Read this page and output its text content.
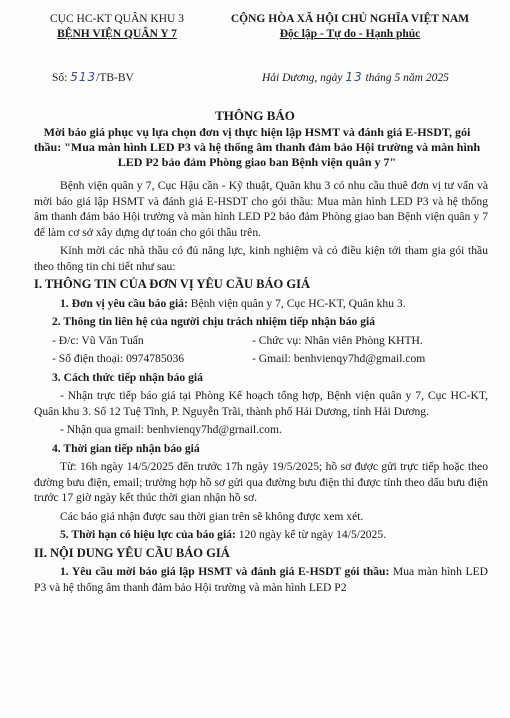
CỤC HC-KT QUÂN KHU 3
BỆNH VIỆN QUÂN Y 7
CỘNG HÒA XÃ HỘI CHỦ NGHĨA VIỆT NAM
Độc lập - Tự do - Hạnh phúc
Số: 513/TB-BV	Hải Dương, ngày 13 tháng 5 năm 2025
THÔNG BÁO
Mời báo giá phục vụ lựa chọn đơn vị thực hiện lập HSMT và đánh giá E-HSDT, gói thầu: "Mua màn hình LED P3 và hệ thống âm thanh đảm bảo Hội trường và màn hình LED P2 bảo đảm Phòng giao ban Bệnh viện quân y 7"

Bệnh viện quân y 7, Cục Hậu cần - Kỹ thuật, Quân khu 3 có nhu cầu thuê đơn vị tư vấn và mời báo giá lập HSMT và đánh giá E-HSDT cho gói thầu: Mua màn hình LED P3 và hệ thống âm thanh đảm bảo Hội trường và màn hình LED P2 bảo đảm Phòng giao ban Bệnh viện quân y 7 để làm cơ sở xây dựng dự toán cho gói thầu trên.

Kính mời các nhà thầu có đủ năng lực, kinh nghiệm và có điều kiện tới tham gia gói thầu theo thông tin chi tiết như sau:

I. THÔNG TIN CỦA ĐƠN VỊ YÊU CẦU BÁO GIÁ

1. Đơn vị yêu cầu báo giá: Bệnh viện quân y 7, Cục HC-KT, Quân khu 3.

2. Thông tin liên hệ của người chịu trách nhiệm tiếp nhận báo giá
- Đ/c: Vũ Văn Tuấn	- Chức vụ: Nhân viên Phòng KHTH.
- Số điện thoại: 0974785036	- Gmail: benhvienqy7hd@gmail.com
3. Cách thức tiếp nhận báo giá

- Nhận trực tiếp báo giá tại Phòng Kế hoạch tổng hợp, Bệnh viện quân y 7, Cục HC-KT, Quân khu 3. Số 12 Tuệ Tĩnh, P. Nguyễn Trãi, thành phố Hải Dương, tỉnh Hải Dương.

- Nhận qua gmail: benhvienqy7hd@grnail.com.

4. Thời gian tiếp nhận báo giá

Từ: 16h ngày 14/5/2025 đến trước 17h ngày 19/5/2025; hồ sơ được gửi trực tiếp hoặc theo đường bưu điện, email; trường hợp hồ sơ gửi qua đường bưu điện thì được tính theo dấu bưu điện trước 17 giờ ngày kết thúc thời gian nhận hồ sơ.

Các báo giá nhận được sau thời gian trên sẽ không được xem xét.

5. Thời hạn có hiệu lực của báo giá: 120 ngày kể từ ngày 14/5/2025.

II. NỘI DUNG YÊU CẦU BÁO GIÁ

1. Yêu cầu mời báo giá lập HSMT và đánh giá E-HSDT gói thầu: Mua màn hình LED P3 và hệ thống âm thanh đảm bảo Hội trường và màn hình LED P2
